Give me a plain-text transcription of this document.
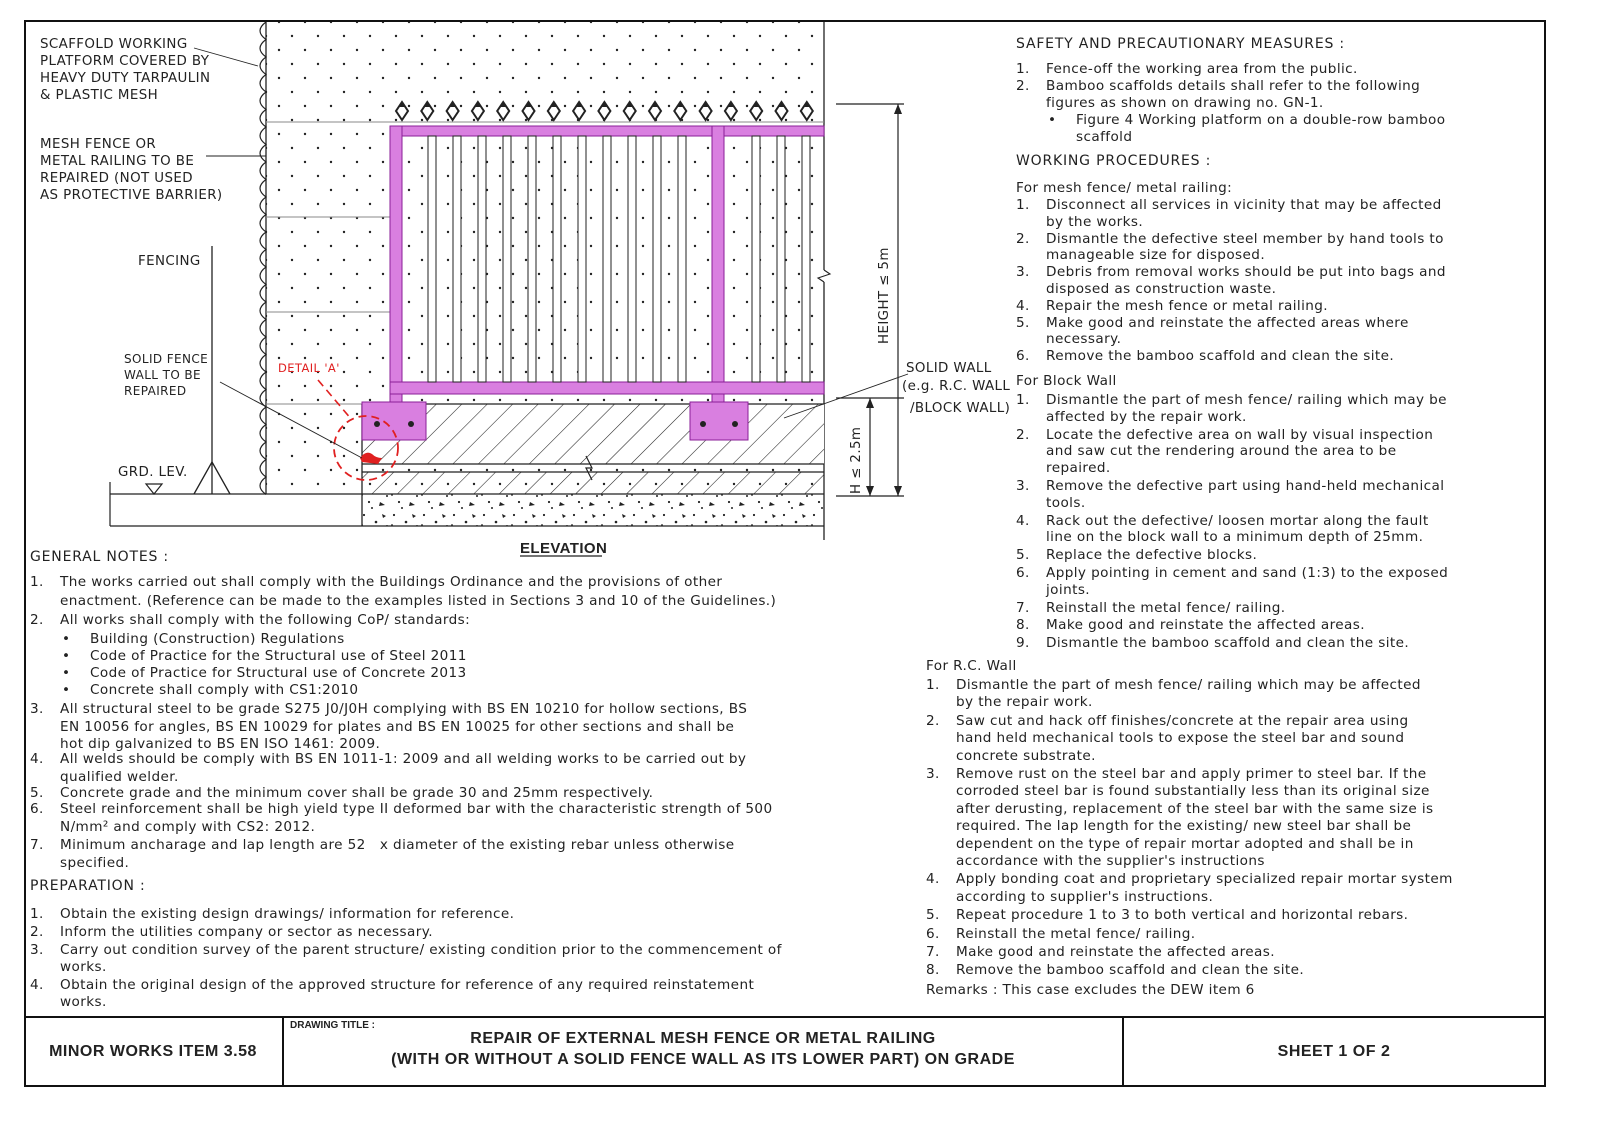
SCAFFOLD WORKING
PLATFORM COVERED BY
HEAVY DUTY TARPAULIN
& PLASTIC MESH
MESH FENCE OR
METAL RAILING TO BE
REPAIRED (NOT USED
AS PROTECTIVE BARRIER)
FENCING
SOLID FENCE
WALL TO BE
REPAIRED
DETAIL 'A'
GRD. LEV.
HEIGHT ≤ 5m
H ≤ 2.5m
SOLID WALL
(e.g. R.C. WALL
/BLOCK WALL)
ELEVATION
GENERAL NOTES :
1. The works carried out shall comply with the Buildings Ordinance and the provisions of other
enactment. (Reference can be made to the examples listed in Sections 3 and 10 of the Guidelines.)
2. All works shall comply with the following CoP/ standards:
• Building (Construction) Regulations
• Code of Practice for the Structural use of Steel 2011
• Code of Practice for Structural use of Concrete 2013
• Concrete shall comply with CS1:2010
3. All structural steel to be grade S275 J0/J0H complying with BS EN 10210 for hollow sections, BS
EN 10056 for angles, BS EN 10029 for plates and BS EN 10025 for other sections and shall be
hot dip galvanized to BS EN ISO 1461: 2009.
4. All welds should be comply with BS EN 1011-1: 2009 and all welding works to be carried out by
qualified welder.
5. Concrete grade and the minimum cover shall be grade 30 and 25mm respectively.
6. Steel reinforcement shall be high yield type II deformed bar with the characteristic strength of 500
N/mm² and comply with CS2: 2012.
7. Minimum ancharage and lap length are 52   x diameter of the existing rebar unless otherwise
specified.
PREPARATION :
1. Obtain the existing design drawings/ information for reference.
2. Inform the utilities company or sector as necessary.
3. Carry out condition survey of the parent structure/ existing condition prior to the commencement of
works.
4. Obtain the original design of the approved structure for reference of any required reinstatement
works.
SAFETY AND PRECAUTIONARY MEASURES :
1. Fence-off the working area from the public.
2. Bamboo scaffolds details shall refer to the following
figures as shown on drawing no. GN-1.
• Figure 4 Working platform on a double-row bamboo
scaffold
WORKING PROCEDURES :
For mesh fence/ metal railing:
1. Disconnect all services in vicinity that may be affected
by the works.
2. Dismantle the defective steel member by hand tools to
manageable size for disposed.
3. Debris from removal works should be put into bags and
disposed as construction waste.
4. Repair the mesh fence or metal railing.
5. Make good and reinstate the affected areas where
necessary.
6. Remove the bamboo scaffold and clean the site.
For Block Wall
1. Dismantle the part of mesh fence/ railing which may be
affected by the repair work.
2. Locate the defective area on wall by visual inspection
and saw cut the rendering around the area to be
repaired.
3. Remove the defective part using hand-held mechanical
tools.
4. Rack out the defective/ loosen mortar along the fault
line on the block wall to a minimum depth of 25mm.
5. Replace the defective blocks.
6. Apply pointing in cement and sand (1:3) to the exposed
joints.
7. Reinstall the metal fence/ railing.
8. Make good and reinstate the affected areas.
9. Dismantle the bamboo scaffold and clean the site.
For R.C. Wall
1. Dismantle the part of mesh fence/ railing which may be affected
by the repair work.
2. Saw cut and hack off finishes/concrete at the repair area using
hand held mechanical tools to expose the steel bar and sound
concrete substrate.
3. Remove rust on the steel bar and apply primer to steel bar. If the
corroded steel bar is found substantially less than its original size
after derusting, replacement of the steel bar with the same size is
required. The lap length for the existing/ new steel bar shall be
dependent on the type of repair mortar adopted and shall be in
accordance with the supplier's instructions
4. Apply bonding coat and proprietary specialized repair mortar system
according to supplier's instructions.
5. Repeat procedure 1 to 3 to both vertical and horizontal rebars.
6. Reinstall the metal fence/ railing.
7. Make good and reinstate the affected areas.
8. Remove the bamboo scaffold and clean the site.
Remarks : This case excludes the DEW item 6
MINOR WORKS ITEM 3.58
DRAWING TITLE :
REPAIR OF EXTERNAL MESH FENCE OR METAL RAILING
(WITH OR WITHOUT A SOLID FENCE WALL AS ITS LOWER PART) ON GRADE	SHEET 1 OF 2
